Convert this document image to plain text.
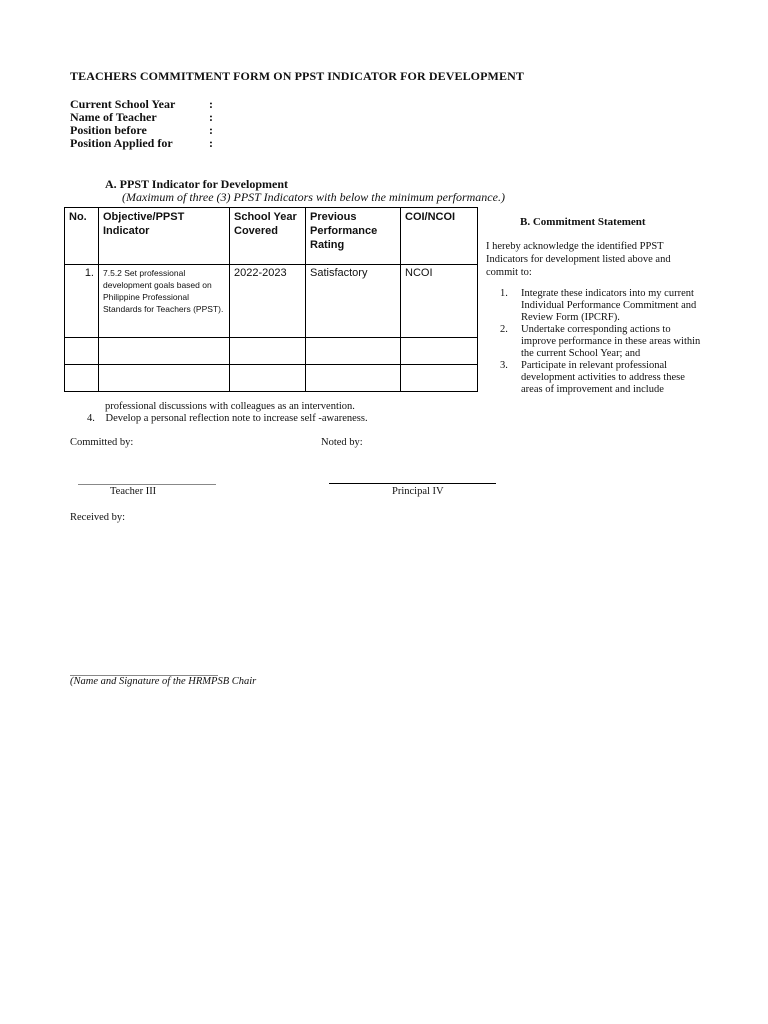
TEACHERS COMMITMENT FORM ON PPST INDICATOR FOR DEVELOPMENT
Current School Year	:
Name of Teacher	:
Position before	:
Position Applied for	:
A. PPST Indicator for Development
(Maximum of three (3) PPST Indicators with below the minimum performance.)
No.	Objective/PPST Indicator	School Year Covered	Previous Performance Rating	COI/NCOI
1.	7.5.2 Set professional development goals based on Philippine Professional Standards for Teachers (PPST).	2022-2023	Satisfactory	NCOI

B. Commitment Statement
I hereby acknowledge the identified PPST Indicators for development listed above and commit to:
1. Integrate these indicators into my current Individual Performance Commitment and Review Form (IPCRF).
2. Undertake corresponding actions to improve performance in these areas within the current School Year; and
3. Participate in relevant professional development activities to address these areas of improvement and include
professional discussions with colleagues as an intervention.
4. Develop a personal reflection note to increase self -awareness.
Committed by:	Noted by:
Teacher III	Principal IV
Received by:
(Name and Signature of the HRMPSB Chair
